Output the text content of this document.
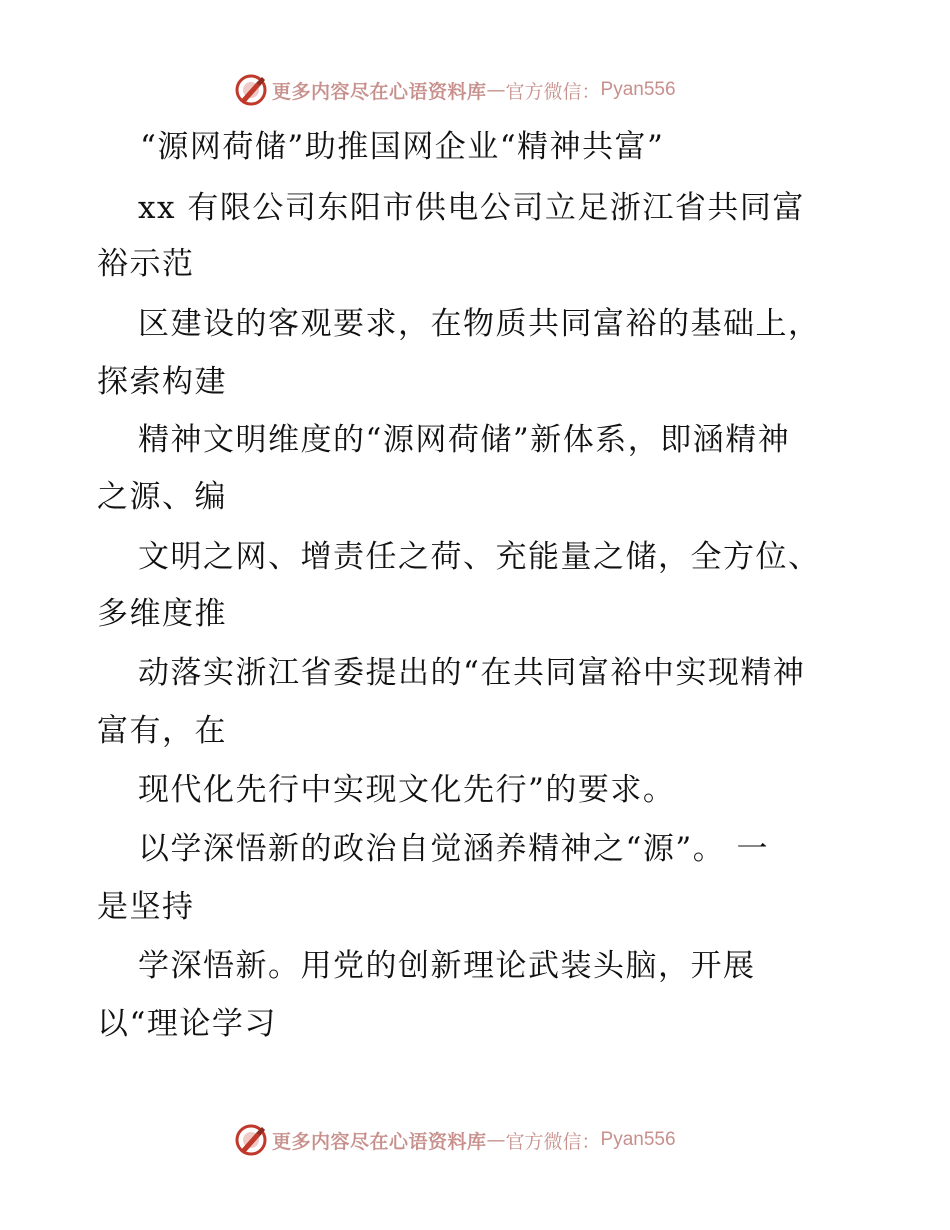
更多内容尽在心语资料库 — 官方微信： Pyan556
“源网荷储”助推国网企业“精神共富”
xx 有限公司东阳市供电公司立足浙江省共同富
裕示范
区建设的客观要求，在物质共同富裕的基础上，
探索构建
精神文明维度的“源网荷储”新体系，即涵精神
之源、编
文明之网、增责任之荷、充能量之储，全方位、
多维度推
动落实浙江省委提出的“在共同富裕中实现精神
富有，在
现代化先行中实现文化先行”的要求。
以学深悟新的政治自觉涵养精神之“源”。 一
是坚持
学深悟新。用党的创新理论武装头脑，开展
以“理论学习
更多内容尽在心语资料库 — 官方微信： Pyan556
